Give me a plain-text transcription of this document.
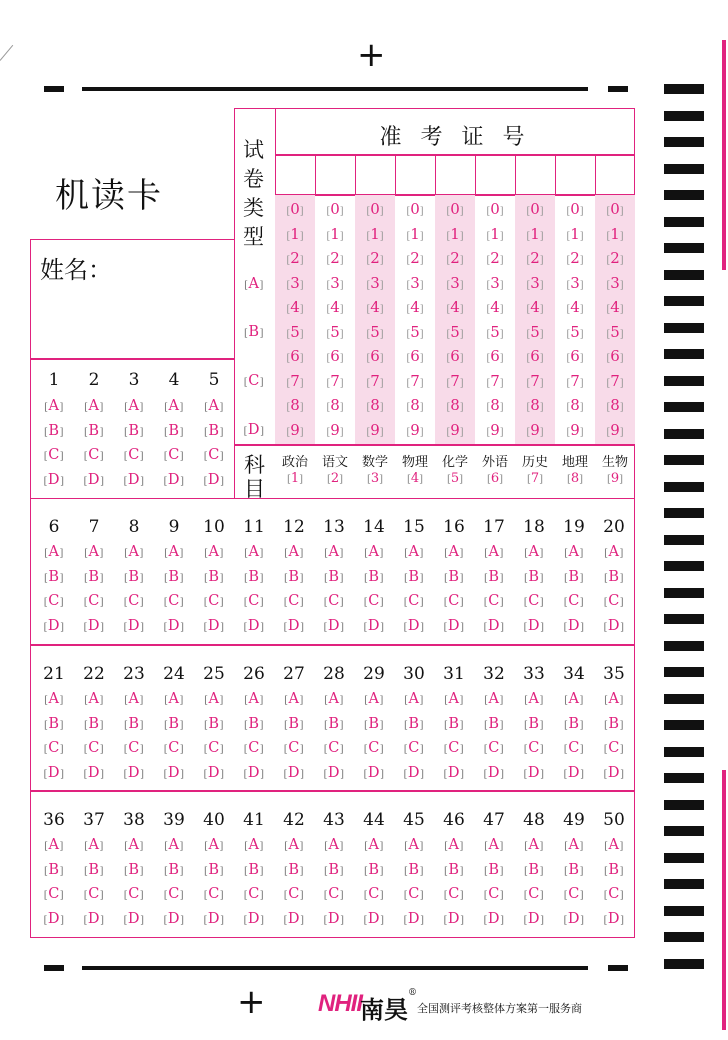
+
+
机读卡
姓名：
准 考 证 号
试
卷
类
型
[A]
[B]
[C]
[D]
[0]
[1]
[2]
[3]
[4]
[5]
[6]
[7]
[8]
[9]
[0]
[1]
[2]
[3]
[4]
[5]
[6]
[7]
[8]
[9]
[0]
[1]
[2]
[3]
[4]
[5]
[6]
[7]
[8]
[9]
[0]
[1]
[2]
[3]
[4]
[5]
[6]
[7]
[8]
[9]
[0]
[1]
[2]
[3]
[4]
[5]
[6]
[7]
[8]
[9]
[0]
[1]
[2]
[3]
[4]
[5]
[6]
[7]
[8]
[9]
[0]
[1]
[2]
[3]
[4]
[5]
[6]
[7]
[8]
[9]
[0]
[1]
[2]
[3]
[4]
[5]
[6]
[7]
[8]
[9]
[0]
[1]
[2]
[3]
[4]
[5]
[6]
[7]
[8]
[9]
科
目
政治
[1]
语文
[2]
数学
[3]
物理
[4]
化学
[5]
外语
[6]
历史
[7]
地理
[8]
生物
[9]
1
[A]
[B]
[C]
[D]
2
[A]
[B]
[C]
[D]
3
[A]
[B]
[C]
[D]
4
[A]
[B]
[C]
[D]
5
[A]
[B]
[C]
[D]
6
[A]
[B]
[C]
[D]
7
[A]
[B]
[C]
[D]
8
[A]
[B]
[C]
[D]
9
[A]
[B]
[C]
[D]
10
[A]
[B]
[C]
[D]
11
[A]
[B]
[C]
[D]
12
[A]
[B]
[C]
[D]
13
[A]
[B]
[C]
[D]
14
[A]
[B]
[C]
[D]
15
[A]
[B]
[C]
[D]
16
[A]
[B]
[C]
[D]
17
[A]
[B]
[C]
[D]
18
[A]
[B]
[C]
[D]
19
[A]
[B]
[C]
[D]
20
[A]
[B]
[C]
[D]
21
[A]
[B]
[C]
[D]
22
[A]
[B]
[C]
[D]
23
[A]
[B]
[C]
[D]
24
[A]
[B]
[C]
[D]
25
[A]
[B]
[C]
[D]
26
[A]
[B]
[C]
[D]
27
[A]
[B]
[C]
[D]
28
[A]
[B]
[C]
[D]
29
[A]
[B]
[C]
[D]
30
[A]
[B]
[C]
[D]
31
[A]
[B]
[C]
[D]
32
[A]
[B]
[C]
[D]
33
[A]
[B]
[C]
[D]
34
[A]
[B]
[C]
[D]
35
[A]
[B]
[C]
[D]
36
[A]
[B]
[C]
[D]
37
[A]
[B]
[C]
[D]
38
[A]
[B]
[C]
[D]
39
[A]
[B]
[C]
[D]
40
[A]
[B]
[C]
[D]
41
[A]
[B]
[C]
[D]
42
[A]
[B]
[C]
[D]
43
[A]
[B]
[C]
[D]
44
[A]
[B]
[C]
[D]
45
[A]
[B]
[C]
[D]
46
[A]
[B]
[C]
[D]
47
[A]
[B]
[C]
[D]
48
[A]
[B]
[C]
[D]
49
[A]
[B]
[C]
[D]
50
[A]
[B]
[C]
[D]
NHII
南昊
®
全国测评考核整体方案第一服务商
